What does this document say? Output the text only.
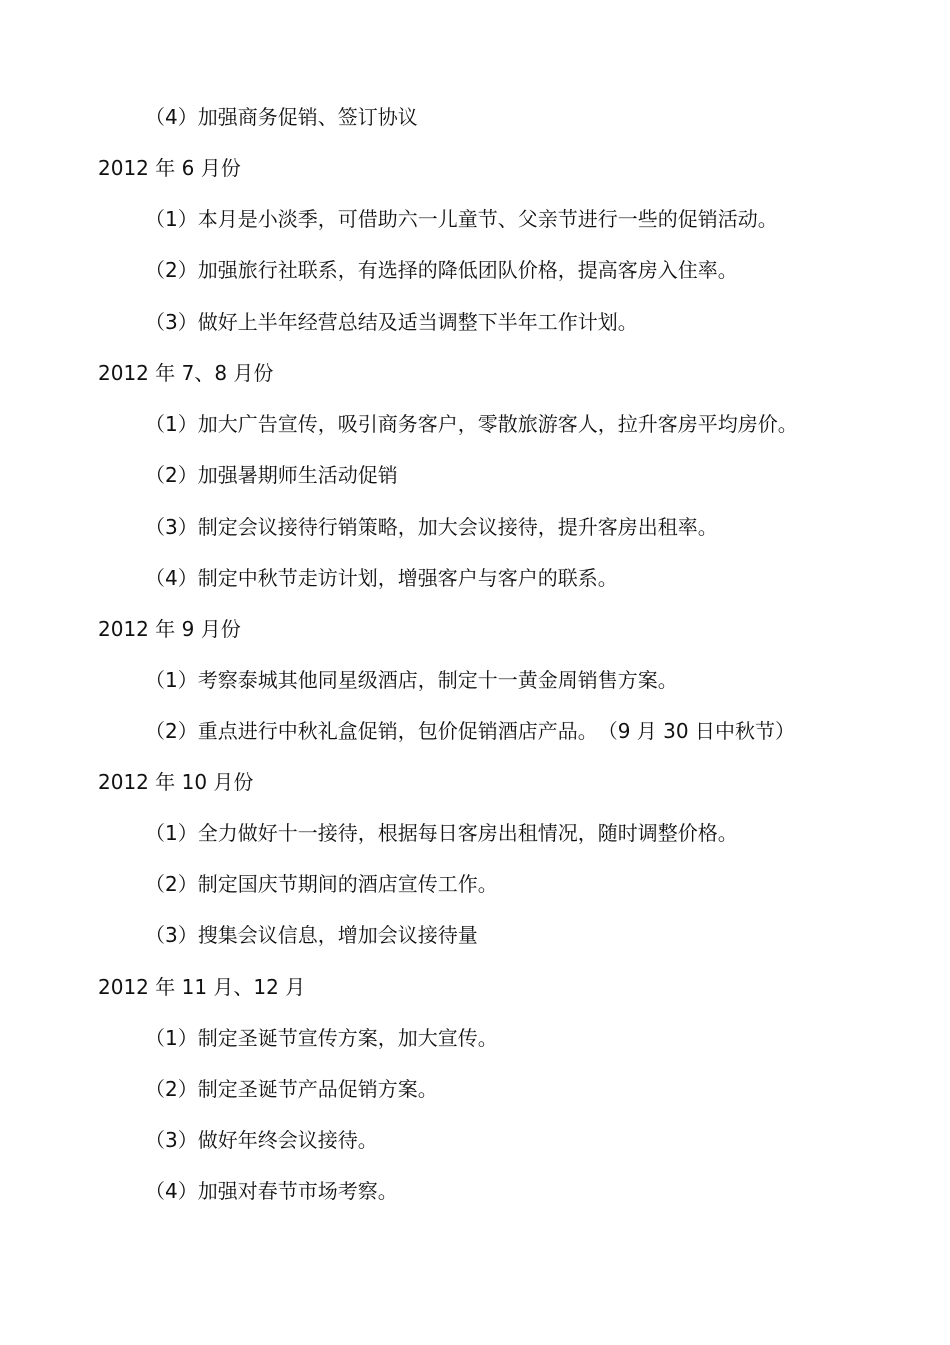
（4）加强商务促销、签订协议
2012 年 6 月份
（1）本月是小淡季，可借助六一儿童节、父亲节进行一些的促销活动。
（2）加强旅行社联系，有选择的降低团队价格，提高客房入住率。
（3）做好上半年经营总结及适当调整下半年工作计划。
2012 年 7、8 月份
（1）加大广告宣传，吸引商务客户，零散旅游客人，拉升客房平均房价。
（2）加强暑期师生活动促销
（3）制定会议接待行销策略，加大会议接待，提升客房出租率。
（4）制定中秋节走访计划，增强客户与客户的联系。
2012 年 9 月份
（1）考察泰城其他同星级酒店，制定十一黄金周销售方案。
（2）重点进行中秋礼盒促销，包价促销酒店产品。　（9 月 30 日中秋节）
2012 年 10 月份
（1）全力做好十一接待，根据每日客房出租情况，随时调整价格。
（2）制定国庆节期间的酒店宣传工作。
（3）搜集会议信息，增加会议接待量
2012 年 11 月、12 月
（1）制定圣诞节宣传方案，加大宣传。
（2）制定圣诞节产品促销方案。
（3）做好年终会议接待。
（4）加强对春节市场考察。
